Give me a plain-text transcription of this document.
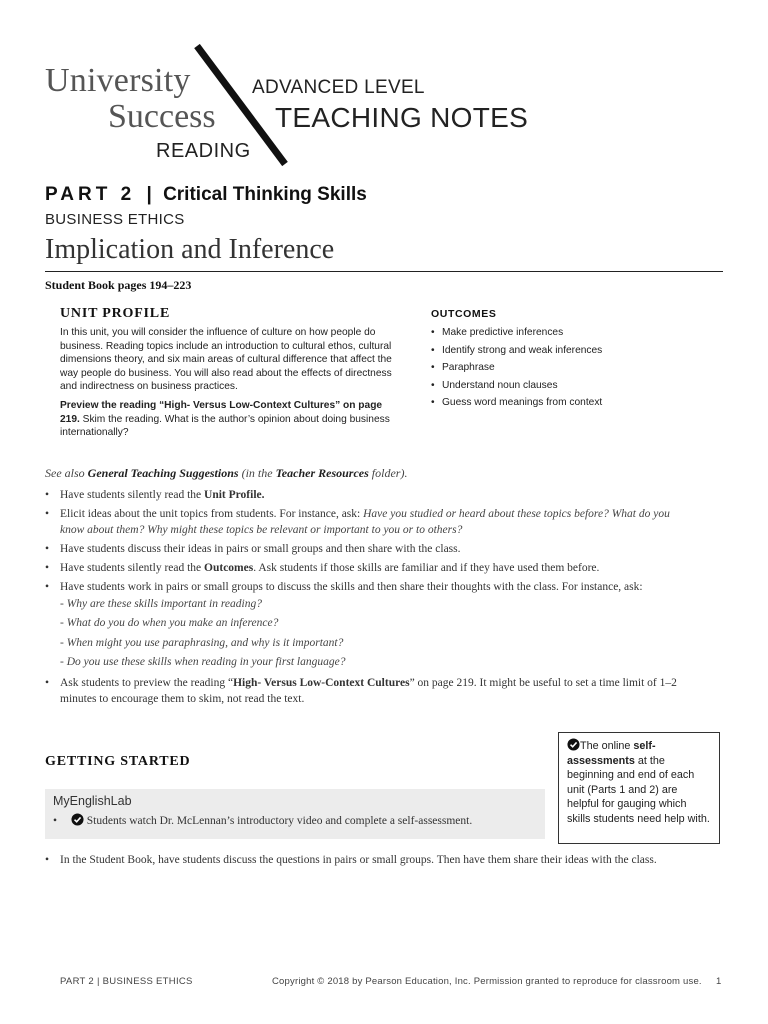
University
Success
READING
ADVANCED LEVEL
TEACHING NOTES
PART 2 | Critical Thinking Skills
BUSINESS ETHICS
Implication and Inference
Student Book pages 194–223
UNIT PROFILE

In this unit, you will consider the influence of culture on how people do business. Reading topics include an introduction to cultural ethos, cultural dimensions theory, and six main areas of cultural difference that affect the way people do business. You will also read about the effects of directness and indirectness on business practices.

Preview the reading “High- Versus Low-Context Cultures” on page 219. Skim the reading. What is the author’s opinion about doing business internationally?

OUTCOMES
• Make predictive inferences
• Identify strong and weak inferences
• Paraphrase
• Understand noun clauses
• Guess word meanings from context
See also General Teaching Suggestions (in the Teacher Resources folder).
• Have students silently read the Unit Profile.
• Elicit ideas about the unit topics from students. For instance, ask: Have you studied or heard about these topics before? What do you know about them? Why might these topics be relevant or important to you or to others?
• Have students discuss their ideas in pairs or small groups and then share with the class.
• Have students silently read the Outcomes. Ask students if those skills are familiar and if they have used them before.
• Have students work in pairs or small groups to discuss the skills and then share their thoughts with the class. For instance, ask:
- Why are these skills important in reading?
- What do you do when you make an inference?
- When might you use paraphrasing, and why is it important?
- Do you use these skills when reading in your first language?
• Ask students to preview the reading “High- Versus Low-Context Cultures” on page 219. It might be useful to set a time limit of 1–2 minutes to encourage them to skim, not read the text.
GETTING STARTED
MyEnglishLab
•	Students watch Dr. McLennan’s introductory video and complete a self-assessment.
• In the Student Book, have students discuss the questions in pairs or small groups. Then have them share their ideas with the class.
The online self-assessments at the beginning and end of each unit (Parts 1 and 2) are helpful for gauging which skills students need help with.
PART 2 | BUSINESS ETHICS	Copyright © 2018 by Pearson Education, Inc. Permission granted to reproduce for classroom use. 1
